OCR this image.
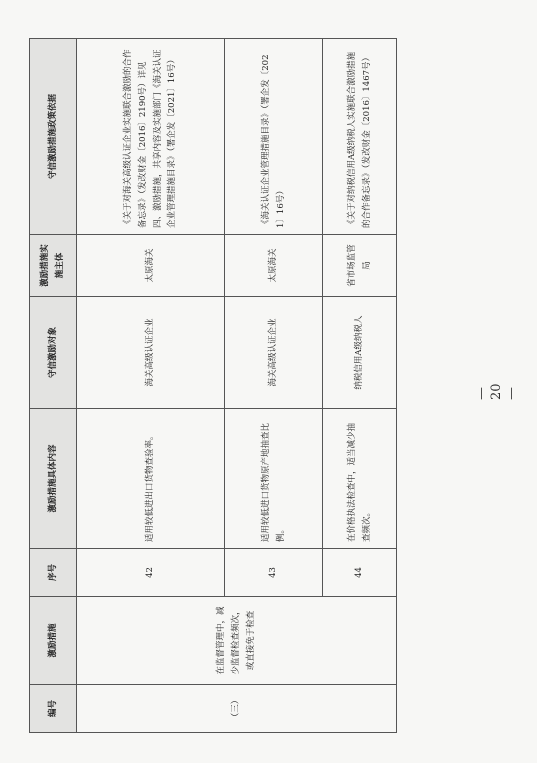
编号	激励措施	序号	激励措施具体内容	守信激励对象	激励措施实施主体	守信激励措施政策依据
（三）	在监督管理中，减少监督检查频次，或直接免于检查	42	适用较低进出口货物查验率。	海关高级认证企业	太原海关	《关于对海关高级认证企业实施联合激励的合作备忘录》（发改财金〔2016〕2190号）详见四、激励措施，共享内容及实施部门《海关认证企业管理措施目录》（署企发〔2021〕16号）
		43	适用较低进口货物原产地抽查比例。	海关高级认证企业	太原海关	《海关认证企业管理措施目录》（署企发〔2021〕16号）
		44	在价格执法检查中，适当减少抽查频次。	纳税信用A级纳税人	省市场监管局	《关于对纳税信用A级纳税人实施联合激励措施的合作备忘录》（发改财金〔2016〕1467号）
— 20 —
